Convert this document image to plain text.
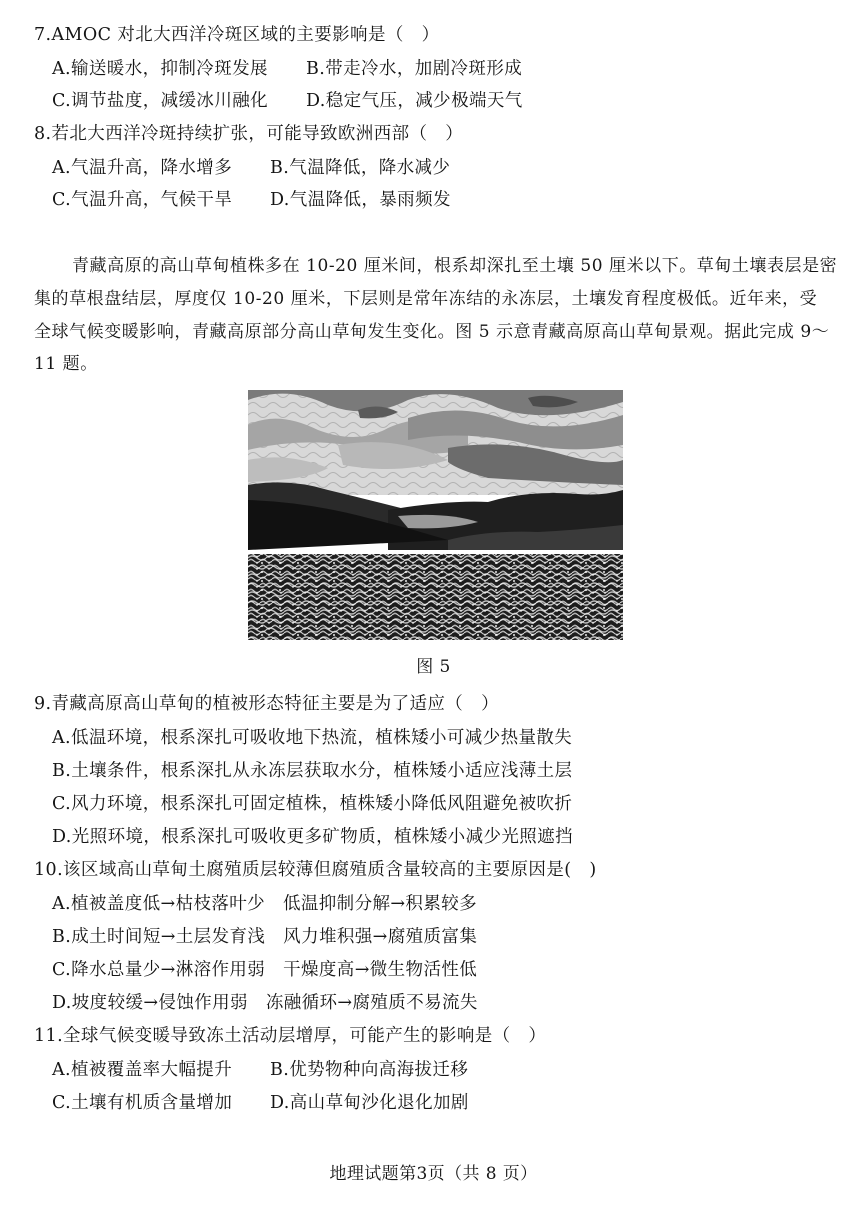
7.AMOC 对北大西洋冷斑区域的主要影响是（　）
A.输送暖水，抑制冷斑发展 B.带走冷水，加剧冷斑形成
C.调节盐度，减缓冰川融化 D.稳定气压，减少极端天气
8.若北大西洋冷斑持续扩张，可能导致欧洲西部（　）
A.气温升高，降水增多 B.气温降低，降水减少
C.气温升高，气候干旱 D.气温降低，暴雨频发
青藏高原的高山草甸植株多在 10-20 厘米间，根系却深扎至土壤 50 厘米以下。草甸土壤表层是密
集的草根盘结层，厚度仅 10-20 厘米，下层则是常年冻结的永冻层，土壤发育程度极低。近年来，受
全球气候变暖影响，青藏高原部分高山草甸发生变化。图 5 示意青藏高原高山草甸景观。据此完成 9～
11 题。
图 5
9.青藏高原高山草甸的植被形态特征主要是为了适应（　）
A.低温环境，根系深扎可吸收地下热流，植株矮小可减少热量散失
B.土壤条件，根系深扎从永冻层获取水分，植株矮小适应浅薄土层
C.风力环境，根系深扎可固定植株，植株矮小降低风阻避免被吹折
D.光照环境，根系深扎可吸收更多矿物质，植株矮小减少光照遮挡
10.该区域高山草甸土腐殖质层较薄但腐殖质含量较高的主要原因是(　)
A.植被盖度低→枯枝落叶少　低温抑制分解→积累较多
B.成土时间短→土层发育浅　风力堆积强→腐殖质富集
C.降水总量少→淋溶作用弱　干燥度高→微生物活性低
D.坡度较缓→侵蚀作用弱　冻融循环→腐殖质不易流失
11.全球气候变暖导致冻土活动层增厚，可能产生的影响是（　）
A.植被覆盖率大幅提升 B.优势物种向高海拔迁移
C.土壤有机质含量增加 D.高山草甸沙化退化加剧
地理试题第3页（共 8 页）
